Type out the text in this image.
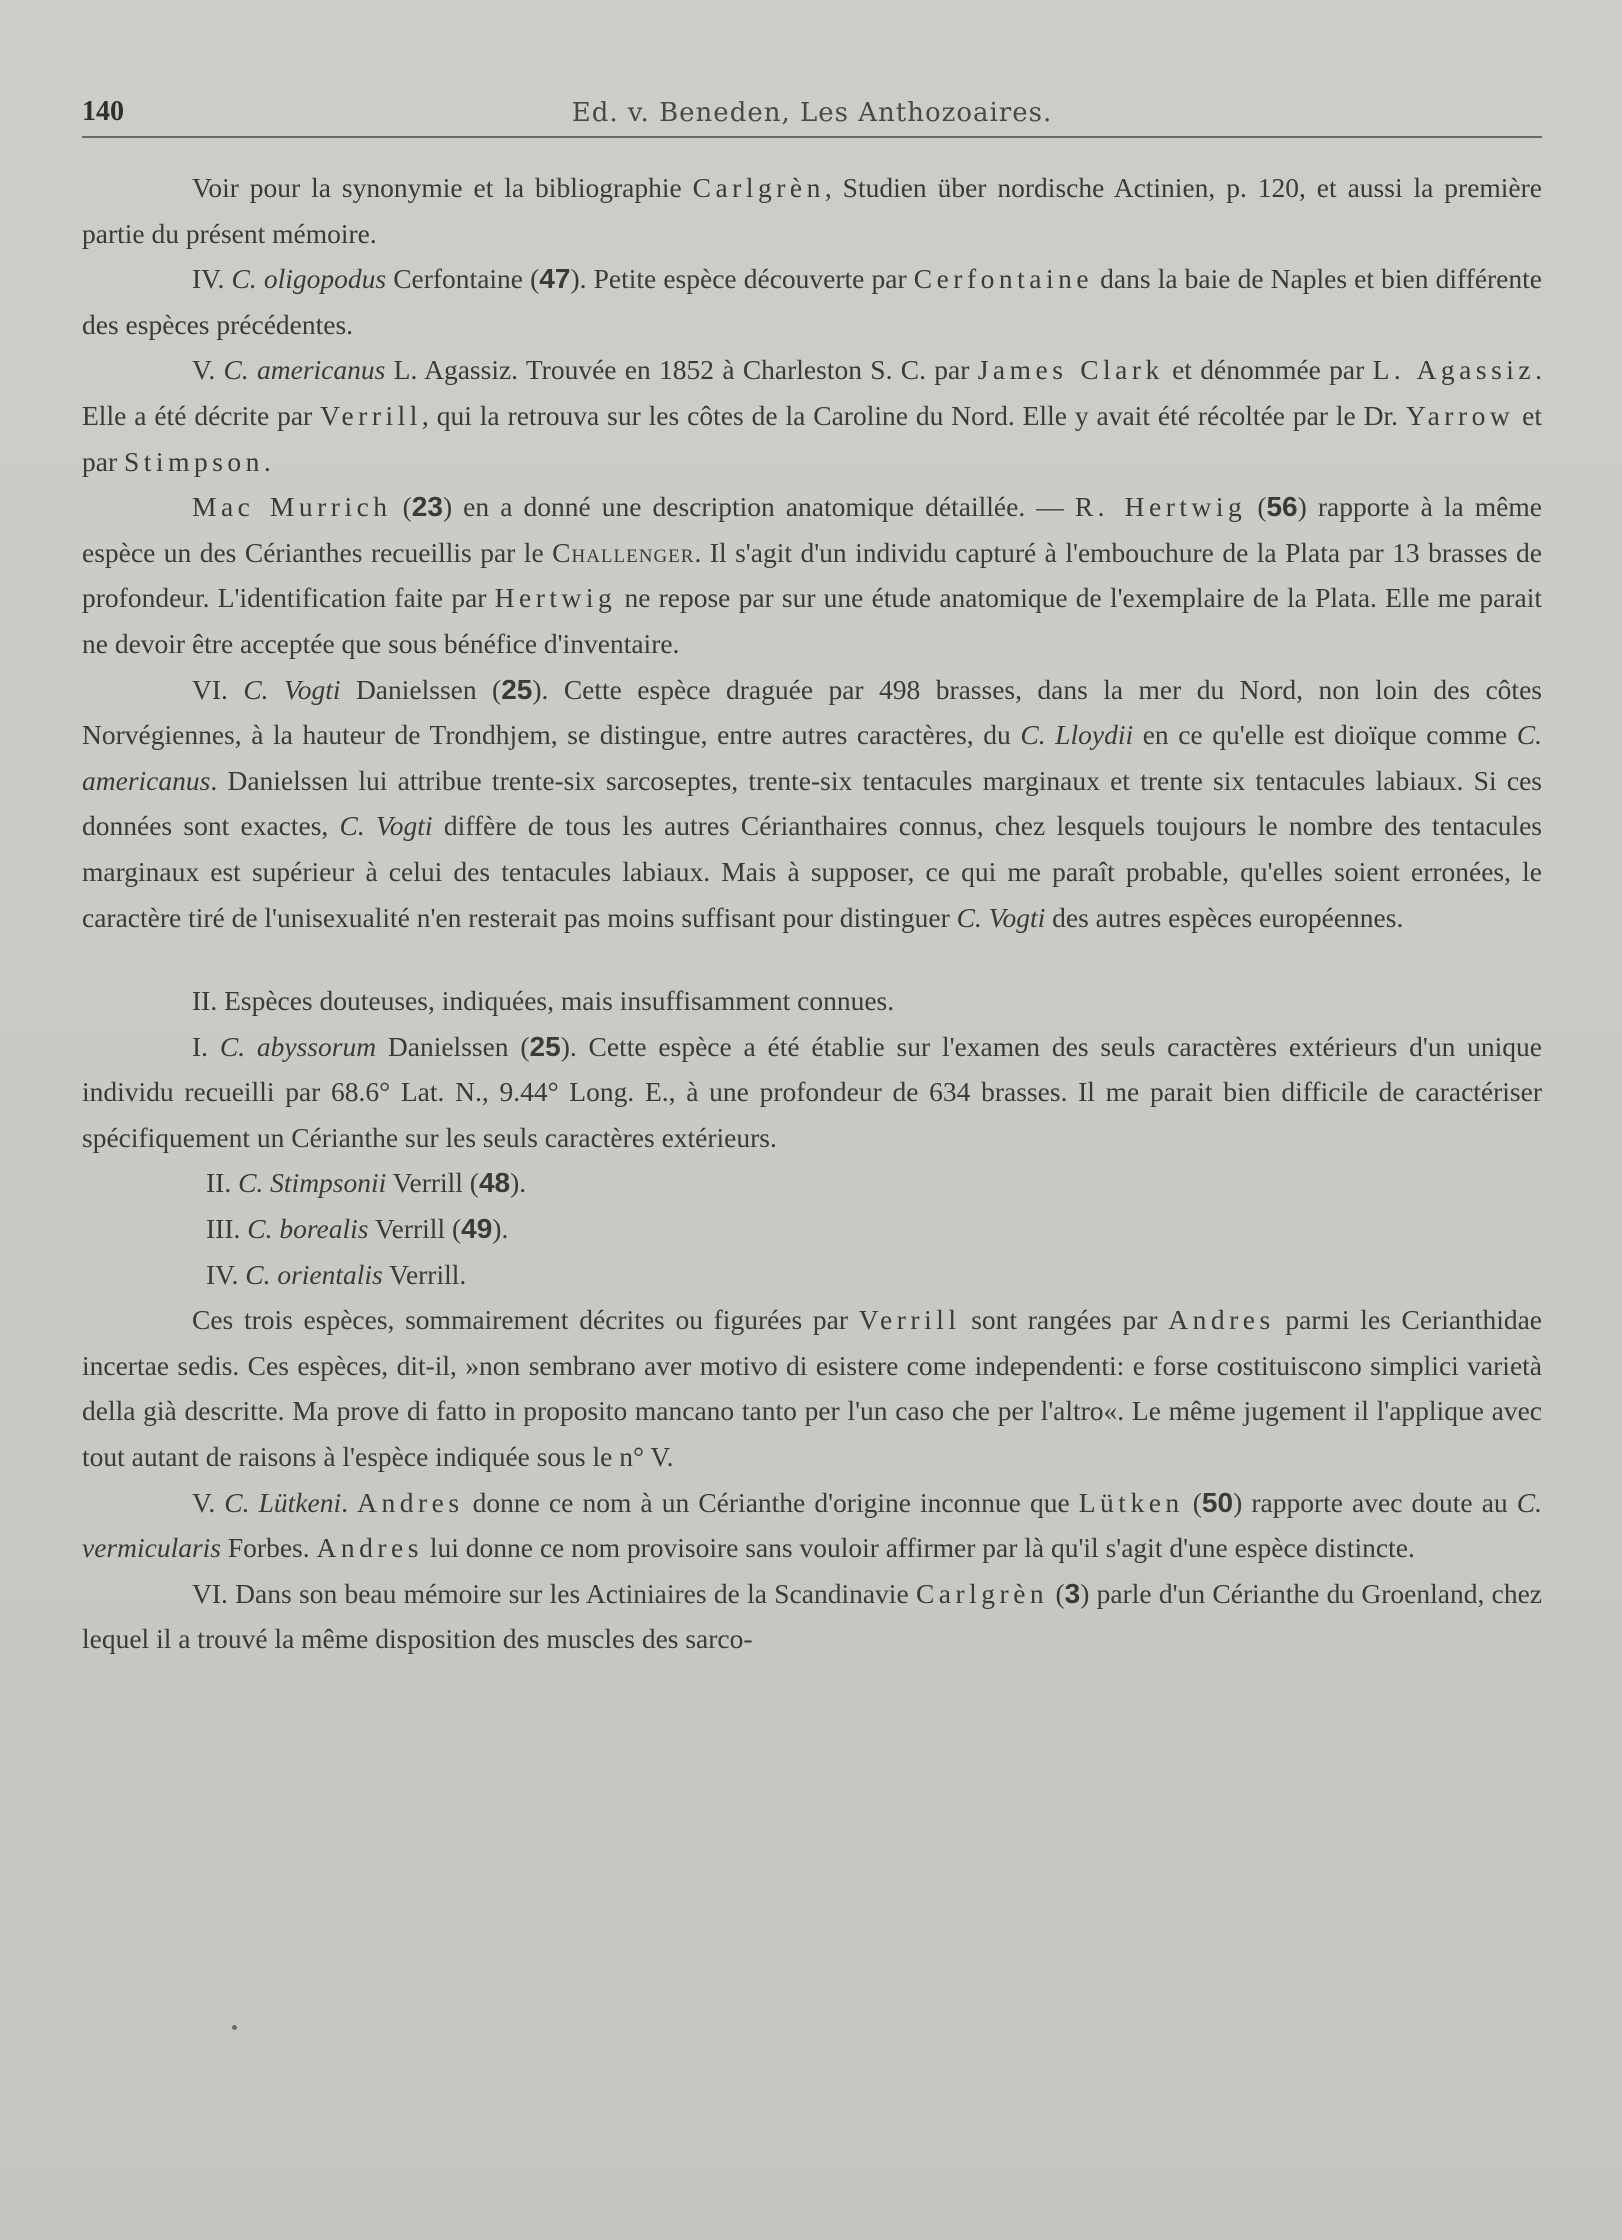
140	Ed. v. Beneden, Les Anthozoaires.

Voir pour la synonymie et la bibliographie Carlgrèn, Studien über nordische Actinien, p. 120, et aussi la première partie du présent mémoire.

IV. C. oligopodus Cerfontaine (47). Petite espèce découverte par Cerfontaine dans la baie de Naples et bien différente des espèces précédentes.

V. C. americanus L. Agassiz. Trouvée en 1852 à Charleston S. C. par James Clark et dénommée par L. Agassiz. Elle a été décrite par Verrill, qui la retrouva sur les côtes de la Caroline du Nord. Elle y avait été récoltée par le Dr. Yarrow et par Stimpson.

Mac Murrich (23) en a donné une description anatomique détaillée. — R. Hertwig (56) rapporte à la même espèce un des Cérianthes recueillis par le Challenger. Il s'agit d'un individu capturé à l'embouchure de la Plata par 13 brasses de profondeur. L'identification faite par Hertwig ne repose par sur une étude anatomique de l'exemplaire de la Plata. Elle me parait ne devoir être acceptée que sous bénéfice d'inventaire.

VI. C. Vogti Danielssen (25). Cette espèce draguée par 498 brasses, dans la mer du Nord, non loin des côtes Norvégiennes, à la hauteur de Trondhjem, se distingue, entre autres caractères, du C. Lloydii en ce qu'elle est dioïque comme C. americanus. Danielssen lui attribue trente-six sarcoseptes, trente-six tentacules marginaux et trente six tentacules labiaux. Si ces données sont exactes, C. Vogti diffère de tous les autres Cérianthaires connus, chez lesquels toujours le nombre des tentacules marginaux est supérieur à celui des tentacules labiaux. Mais à supposer, ce qui me paraît probable, qu'elles soient erronées, le caractère tiré de l'unisexualité n'en resterait pas moins suffisant pour distinguer C. Vogti des autres espèces européennes.

II. Espèces douteuses, indiquées, mais insuffisamment connues.

I. C. abyssorum Danielssen (25). Cette espèce a été établie sur l'examen des seuls caractères extérieurs d'un unique individu recueilli par 68.6° Lat. N., 9.44° Long. E., à une profondeur de 634 brasses. Il me parait bien difficile de caractériser spécifiquement un Cérianthe sur les seuls caractères extérieurs.

II. C. Stimpsonii Verrill (48).

III. C. borealis Verrill (49).

IV. C. orientalis Verrill.

Ces trois espèces, sommairement décrites ou figurées par Verrill sont rangées par Andres parmi les Cerianthidae incertae sedis. Ces espèces, dit-il, »non sembrano aver motivo di esistere come independenti: e forse costituiscono simplici varietà della già descritte. Ma prove di fatto in proposito mancano tanto per l'un caso che per l'altro«. Le même jugement il l'applique avec tout autant de raisons à l'espèce indiquée sous le n° V.

V. C. Lütkeni. Andres donne ce nom à un Cérianthe d'origine inconnue que Lütken (50) rapporte avec doute au C. vermicularis Forbes. Andres lui donne ce nom provisoire sans vouloir affirmer par là qu'il s'agit d'une espèce distincte.

VI. Dans son beau mémoire sur les Actiniaires de la Scandinavie Carlgrèn (3) parle d'un Cérianthe du Groenland, chez lequel il a trouvé la même disposition des muscles des sarco-
